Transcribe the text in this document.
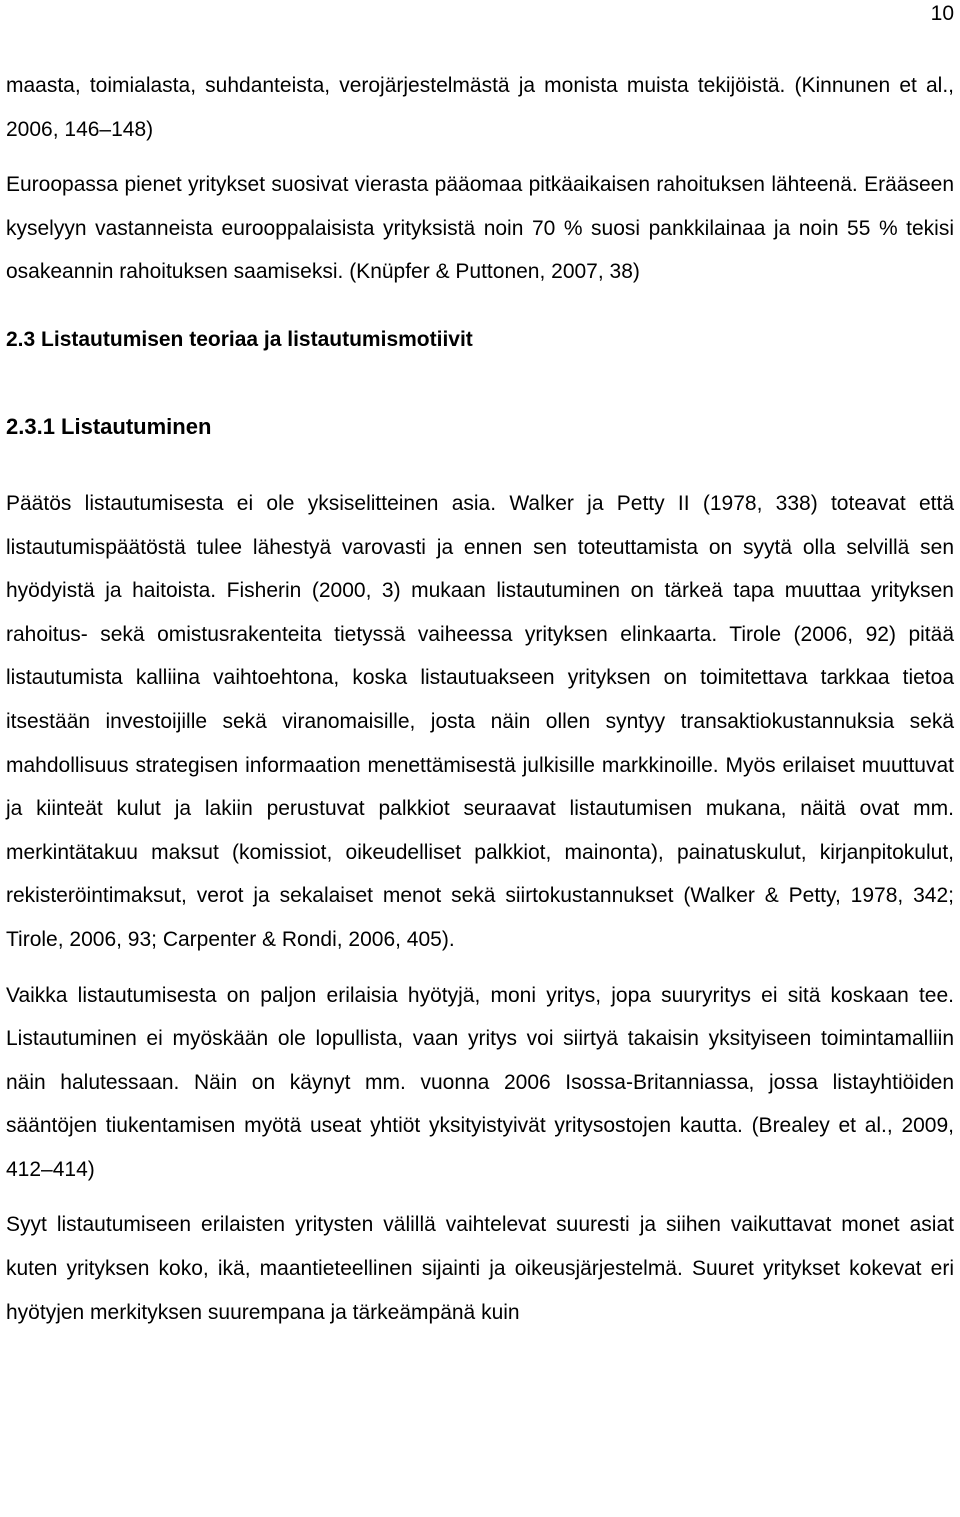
10

maasta, toimialasta, suhdanteista, verojärjestelmästä ja monista muista tekijöistä. (Kinnunen et al., 2006, 146–148)

Euroopassa pienet yritykset suosivat vierasta pääomaa pitkäaikaisen rahoituksen lähteenä. Erääseen kyselyyn vastanneista eurooppalaisista yrityksistä noin 70 % suosi pankkilainaa ja noin 55 % tekisi osakeannin rahoituksen saamiseksi. (Knüpfer & Puttonen, 2007, 38)

2.3 Listautumisen teoriaa ja listautumismotiivit
2.3.1 Listautuminen

Päätös listautumisesta ei ole yksiselitteinen asia. Walker ja Petty II (1978, 338) toteavat että listautumispäätöstä tulee lähestyä varovasti ja ennen sen toteuttamista on syytä olla selvillä sen hyödyistä ja haitoista. Fisherin (2000, 3) mukaan listautuminen on tärkeä tapa muuttaa yrityksen rahoitus- sekä omistusrakenteita tietyssä vaiheessa yrityksen elinkaarta. Tirole (2006, 92) pitää listautumista kalliina vaihtoehtona, koska listautuakseen yrityksen on toimitettava tarkkaa tietoa itsestään investoijille sekä viranomaisille, josta näin ollen syntyy transaktiokustannuksia sekä mahdollisuus strategisen informaation menettämisestä julkisille markkinoille. Myös erilaiset muuttuvat ja kiinteät kulut ja lakiin perustuvat palkkiot seuraavat listautumisen mukana, näitä ovat mm. merkintätakuu maksut (komissiot, oikeudelliset palkkiot, mainonta), painatuskulut, kirjanpitokulut, rekisteröintimaksut, verot ja sekalaiset menot sekä siirtokustannukset (Walker & Petty, 1978, 342; Tirole, 2006, 93; Carpenter & Rondi, 2006, 405).

Vaikka listautumisesta on paljon erilaisia hyötyjä, moni yritys, jopa suuryritys ei sitä koskaan tee. Listautuminen ei myöskään ole lopullista, vaan yritys voi siirtyä takaisin yksityiseen toimintamalliin näin halutessaan. Näin on käynyt mm. vuonna 2006 Isossa-Britanniassa, jossa listayhtiöiden sääntöjen tiukentamisen myötä useat yhtiöt yksityistyivät yritysostojen kautta. (Brealey et al., 2009, 412–414)

Syyt listautumiseen erilaisten yritysten välillä vaihtelevat suuresti ja siihen vaikuttavat monet asiat kuten yrityksen koko, ikä, maantieteellinen sijainti ja oikeusjärjestelmä. Suuret yritykset kokevat eri hyötyjen merkityksen suurempana ja tärkeämpänä kuin
